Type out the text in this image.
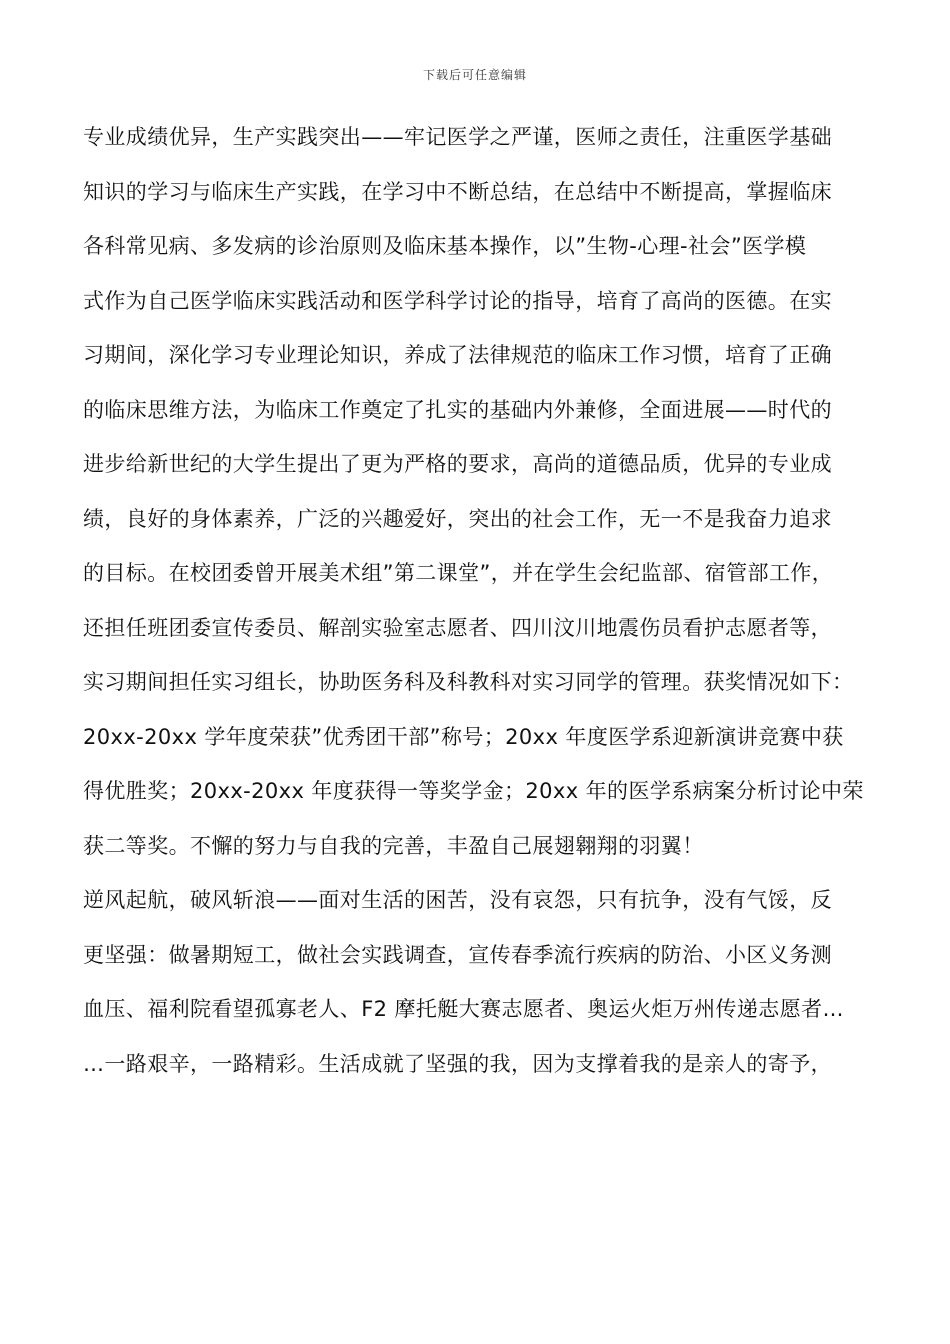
下载后可任意编辑
专业成绩优异，生产实践突出——牢记医学之严谨，医师之责任，注重医学基础
知识的学习与临床生产实践，在学习中不断总结，在总结中不断提高，掌握临床
各科常见病、多发病的诊治原则及临床基本操作，以”生物-心理-社会”医学模
式作为自己医学临床实践活动和医学科学讨论的指导，培育了高尚的医德。在实
习期间，深化学习专业理论知识，养成了法律规范的临床工作习惯，培育了正确
的临床思维方法，为临床工作奠定了扎实的基础内外兼修，全面进展——时代的
进步给新世纪的大学生提出了更为严格的要求，高尚的道德品质，优异的专业成
绩，良好的身体素养，广泛的兴趣爱好，突出的社会工作，无一不是我奋力追求
的目标。在校团委曾开展美术组”第二课堂”，并在学生会纪监部、宿管部工作，
还担任班团委宣传委员、解剖实验室志愿者、四川汶川地震伤员看护志愿者等，
实习期间担任实习组长，协助医务科及科教科对实习同学的管理。获奖情况如下：
20xx-20xx 学年度荣获”优秀团干部”称号；20xx 年度医学系迎新演讲竞赛中获
得优胜奖；20xx-20xx 年度获得一等奖学金；20xx 年的医学系病案分析讨论中荣
获二等奖。不懈的努力与自我的完善，丰盈自己展翅翱翔的羽翼！
逆风起航，破风斩浪——面对生活的困苦，没有哀怨，只有抗争，没有气馁，反
更坚强：做暑期短工，做社会实践调查，宣传春季流行疾病的防治、小区义务测
血压、福利院看望孤寡老人、F2 摩托艇大赛志愿者、奥运火炬万州传递志愿者…
…一路艰辛，一路精彩。生活成就了坚强的我，因为支撑着我的是亲人的寄予，
